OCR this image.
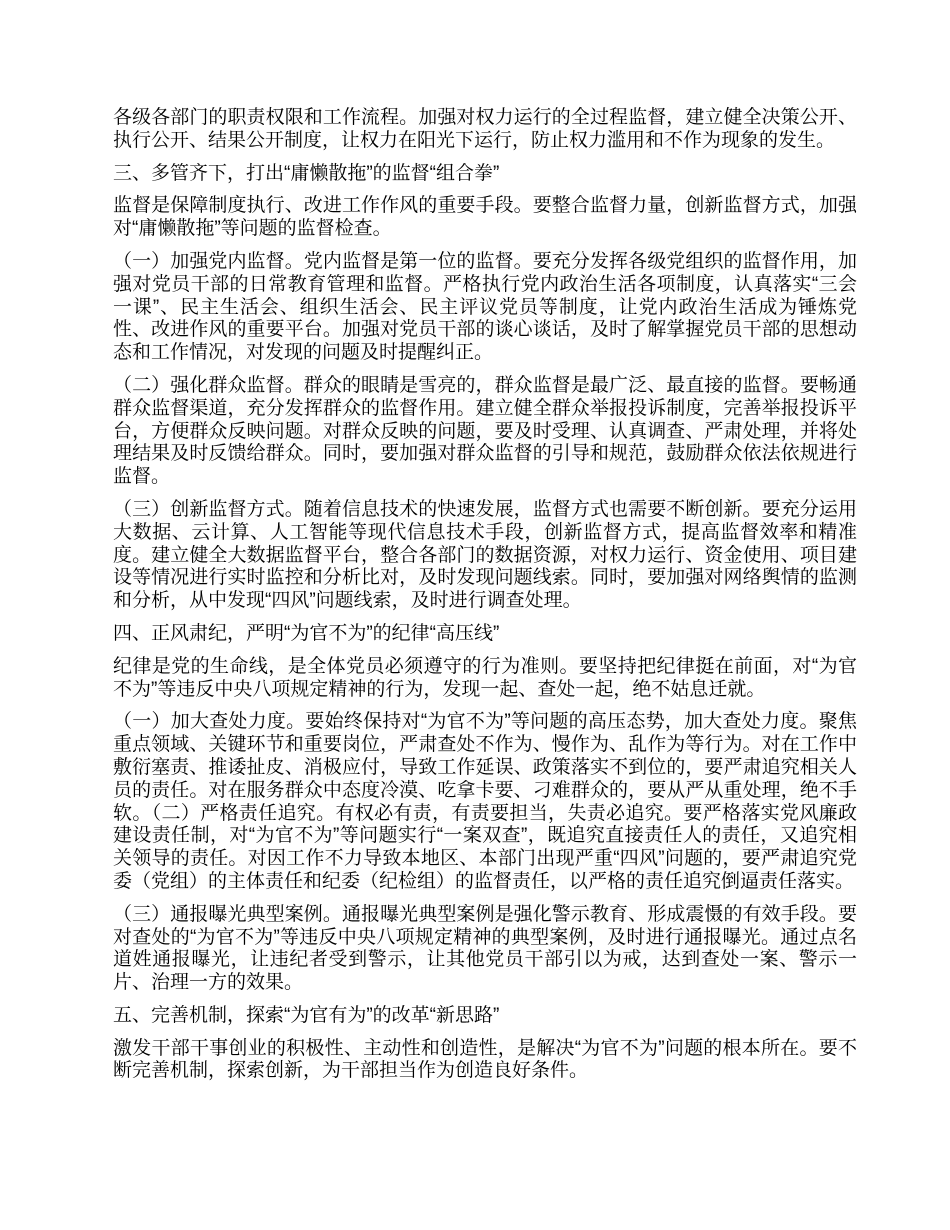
各级各部门的职责权限和工作流程。加强对权力运行的全过程监督，建立健全决策公开、执行公开、结果公开制度，让权力在阳光下运行，防止权力滥用和不作为现象的发生。

三、多管齐下，打出“庸懒散拖”的监督“组合拳”

监督是保障制度执行、改进工作作风的重要手段。要整合监督力量，创新监督方式，加强对“庸懒散拖”等问题的监督检查。

（一）加强党内监督。党内监督是第一位的监督。要充分发挥各级党组织的监督作用，加强对党员干部的日常教育管理和监督。严格执行党内政治生活各项制度，认真落实“三会一课”、民主生活会、组织生活会、民主评议党员等制度，让党内政治生活成为锤炼党性、改进作风的重要平台。加强对党员干部的谈心谈话，及时了解掌握党员干部的思想动态和工作情况，对发现的问题及时提醒纠正。

（二）强化群众监督。群众的眼睛是雪亮的，群众监督是最广泛、最直接的监督。要畅通群众监督渠道，充分发挥群众的监督作用。建立健全群众举报投诉制度，完善举报投诉平台，方便群众反映问题。对群众反映的问题，要及时受理、认真调查、严肃处理，并将处理结果及时反馈给群众。同时，要加强对群众监督的引导和规范，鼓励群众依法依规进行监督。

（三）创新监督方式。随着信息技术的快速发展，监督方式也需要不断创新。要充分运用大数据、云计算、人工智能等现代信息技术手段，创新监督方式，提高监督效率和精准度。建立健全大数据监督平台，整合各部门的数据资源，对权力运行、资金使用、项目建设等情况进行实时监控和分析比对，及时发现问题线索。同时，要加强对网络舆情的监测和分析，从中发现“四风”问题线索，及时进行调查处理。

四、正风肃纪，严明“为官不为”的纪律“高压线”

纪律是党的生命线，是全体党员必须遵守的行为准则。要坚持把纪律挺在前面，对“为官不为”等违反中央八项规定精神的行为，发现一起、查处一起，绝不姑息迁就。

（一）加大查处力度。要始终保持对“为官不为”等问题的高压态势，加大查处力度。聚焦重点领域、关键环节和重要岗位，严肃查处不作为、慢作为、乱作为等行为。对在工作中敷衍塞责、推诿扯皮、消极应付，导致工作延误、政策落实不到位的，要严肃追究相关人员的责任。对在服务群众中态度冷漠、吃拿卡要、刁难群众的，要从严从重处理，绝不手软。（二）严格责任追究。有权必有责，有责要担当，失责必追究。要严格落实党风廉政建设责任制，对“为官不为”等问题实行“一案双查”，既追究直接责任人的责任，又追究相关领导的责任。对因工作不力导致本地区、本部门出现严重“四风”问题的，要严肃追究党委（党组）的主体责任和纪委（纪检组）的监督责任，以严格的责任追究倒逼责任落实。

（三）通报曝光典型案例。通报曝光典型案例是强化警示教育、形成震慑的有效手段。要对查处的“为官不为”等违反中央八项规定精神的典型案例，及时进行通报曝光。通过点名道姓通报曝光，让违纪者受到警示，让其他党员干部引以为戒，达到查处一案、警示一片、治理一方的效果。

五、完善机制，探索“为官有为”的改革“新思路”

激发干部干事创业的积极性、主动性和创造性，是解决“为官不为”问题的根本所在。要不断完善机制，探索创新，为干部担当作为创造良好条件。
